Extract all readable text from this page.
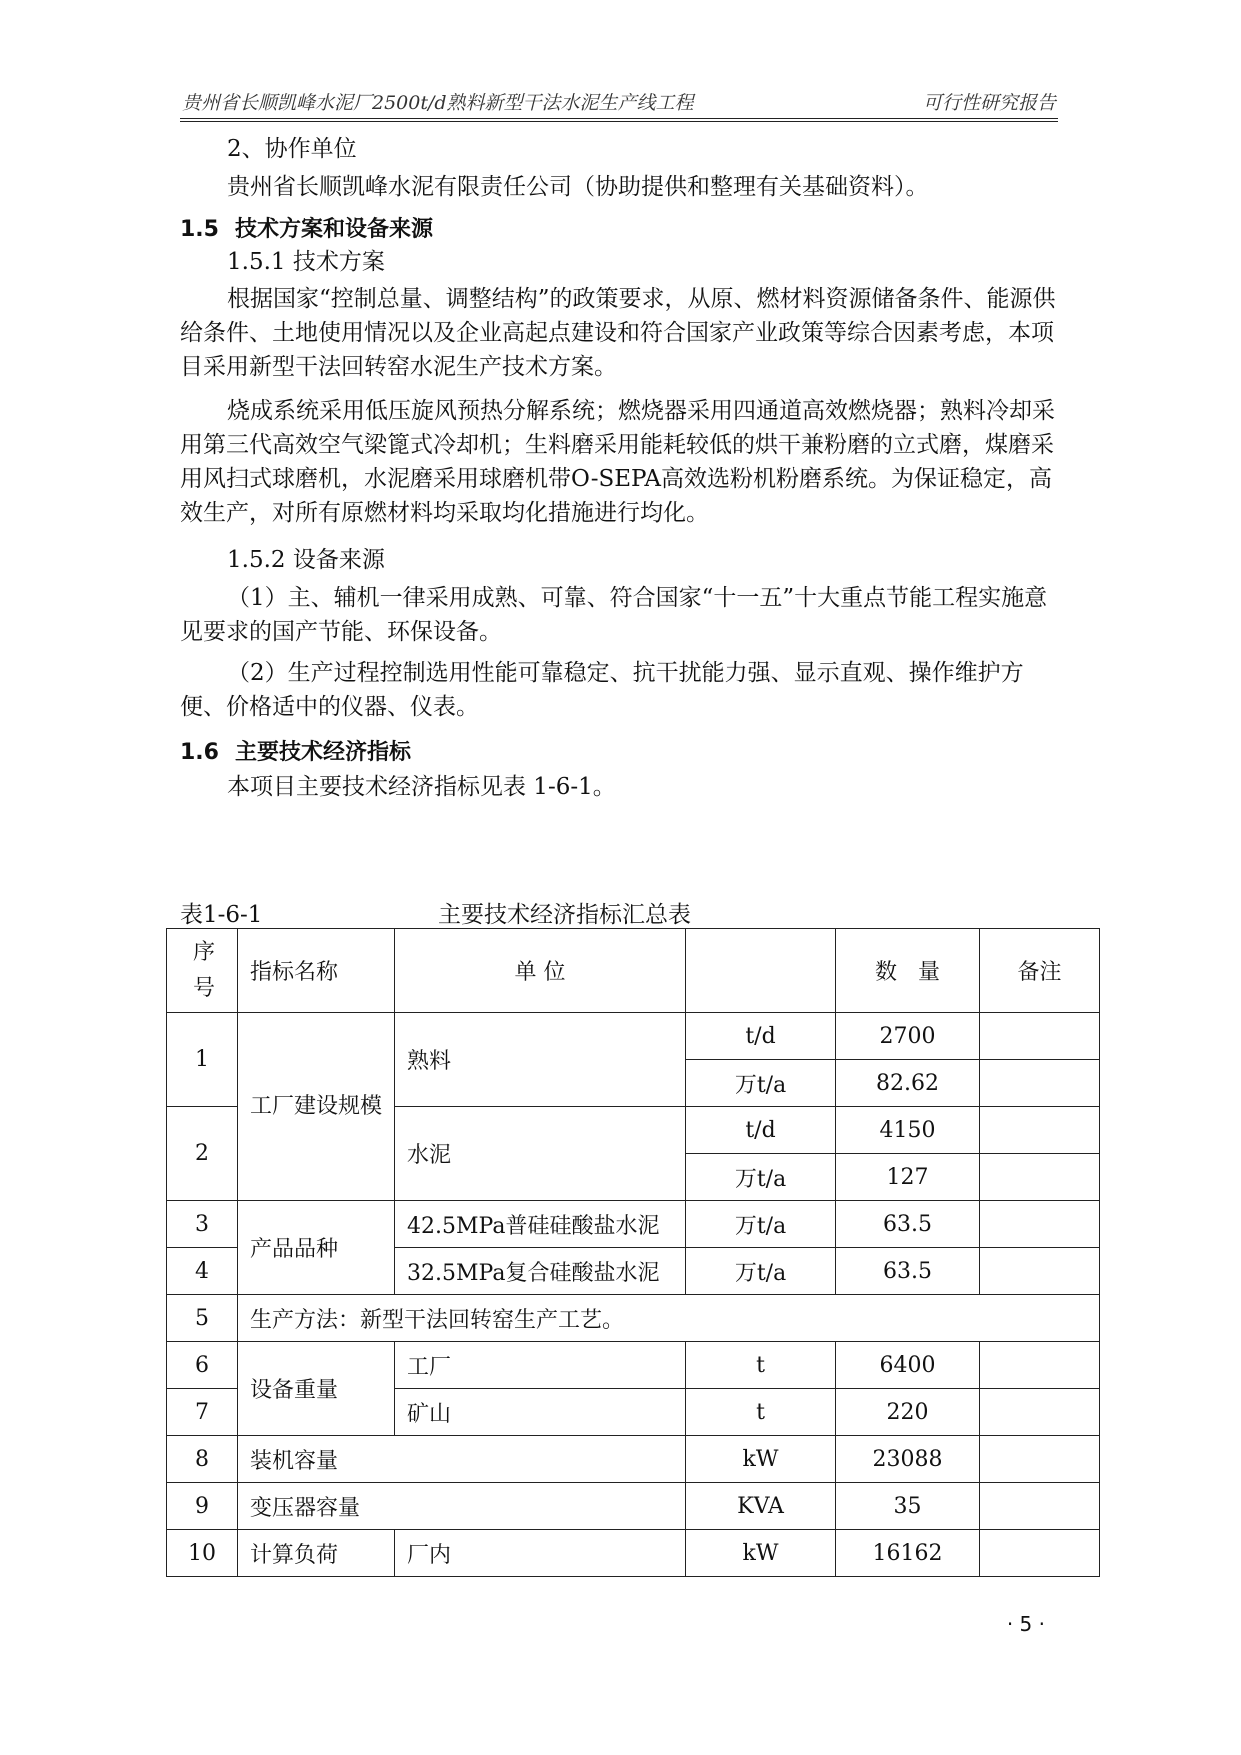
贵州省长顺凯峰水泥厂2500t/d熟料新型干法水泥生产线工程	可行性研究报告
2、协作单位
贵州省长顺凯峰水泥有限责任公司（协助提供和整理有关基础资料）。
1.5 技术方案和设备来源
1.5.1 技术方案
根据国家“控制总量、调整结构”的政策要求，从原、燃材料资源储备条件、能源供给条件、土地使用情况以及企业高起点建设和符合国家产业政策等综合因素考虑，本项目采用新型干法回转窑水泥生产技术方案。
烧成系统采用低压旋风预热分解系统；燃烧器采用四通道高效燃烧器；熟料冷却采用第三代高效空气梁篦式冷却机；生料磨采用能耗较低的烘干兼粉磨的立式磨，煤磨采用风扫式球磨机，水泥磨采用球磨机带O-SEPA高效选粉机粉磨系统。为保证稳定，高效生产，对所有原燃材料均采取均化措施进行均化。
1.5.2 设备来源
（1）主、辅机一律采用成熟、可靠、符合国家“十一五”十大重点节能工程实施意见要求的国产节能、环保设备。
（2）生产过程控制选用性能可靠稳定、抗干扰能力强、显示直观、操作维护方便、价格适中的仪器、仪表。
1.6 主要技术经济指标
本项目主要技术经济指标见表 1-6-1。
表1-6-1	主要技术经济指标汇总表
序号	指标名称	单 位		数 量	备注
1	工厂建设规模	熟料	t/d	2700	
			万t/a	82.62	
2		水泥	t/d	4150	
			万t/a	127	
3	产品品种	42.5MPa普硅硅酸盐水泥	万t/a	63.5	
4		32.5MPa复合硅酸盐水泥	万t/a	63.5	
5	生产方法：新型干法回转窑生产工艺。				
6	设备重量	工厂	t	6400	
7		矿山	t	220	
8	装机容量		kW	23088	
9	变压器容量		KVA	35	
10	计算负荷	厂内	kW	16162	
· 5 ·
